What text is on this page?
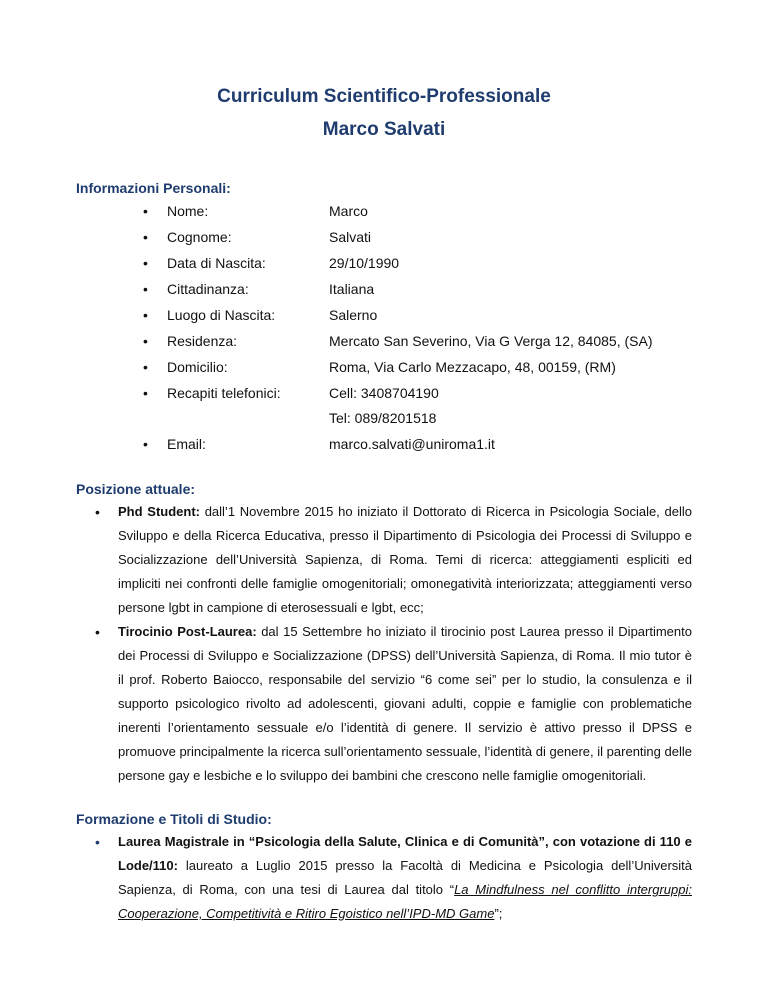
Curriculum Scientifico-Professionale
Marco Salvati
Informazioni Personali:
• Nome:	Marco
• Cognome:	Salvati
• Data di Nascita:	29/10/1990
• Cittadinanza:	Italiana
• Luogo di Nascita:	Salerno
• Residenza:	Mercato San Severino, Via G Verga 12, 84085, (SA)
• Domicilio:	Roma, Via Carlo Mezzacapo, 48, 00159, (RM)
• Recapiti telefonici:	Cell: 3408704190
Tel: 089/8201518
• Email:	marco.salvati@uniroma1.it
Posizione attuale:
• Phd Student: dall’1 Novembre 2015 ho iniziato il Dottorato di Ricerca in Psicologia Sociale, dello Sviluppo e della Ricerca Educativa, presso il Dipartimento di Psicologia dei Processi di Sviluppo e Socializzazione dell’Università Sapienza, di Roma. Temi di ricerca: atteggiamenti espliciti ed impliciti nei confronti delle famiglie omogenitoriali; omonegatività interiorizzata; atteggiamenti verso persone lgbt in campione di eterosessuali e lgbt, ecc;
• Tirocinio Post-Laurea: dal 15 Settembre ho iniziato il tirocinio post Laurea presso il Dipartimento dei Processi di Sviluppo e Socializzazione (DPSS) dell’Università Sapienza, di Roma. Il mio tutor è il prof. Roberto Baiocco, responsabile del servizio “6 come sei” per lo studio, la consulenza e il supporto psicologico rivolto ad adolescenti, giovani adulti, coppie e famiglie con problematiche inerenti l’orientamento sessuale e/o l’identità di genere. Il servizio è attivo presso il DPSS e promuove principalmente la ricerca sull’orientamento sessuale, l’identità di genere, il parenting delle persone gay e lesbiche e lo sviluppo dei bambini che crescono nelle famiglie omogenitoriali.
Formazione e Titoli di Studio:
• Laurea Magistrale in “Psicologia della Salute, Clinica e di Comunità”, con votazione di 110 e Lode/110: laureato a Luglio 2015 presso la Facoltà di Medicina e Psicologia dell’Università Sapienza, di Roma, con una tesi di Laurea dal titolo “La Mindfulness nel conflitto intergruppi: Cooperazione, Competitività e Ritiro Egoistico nell’IPD-MD Game”;
